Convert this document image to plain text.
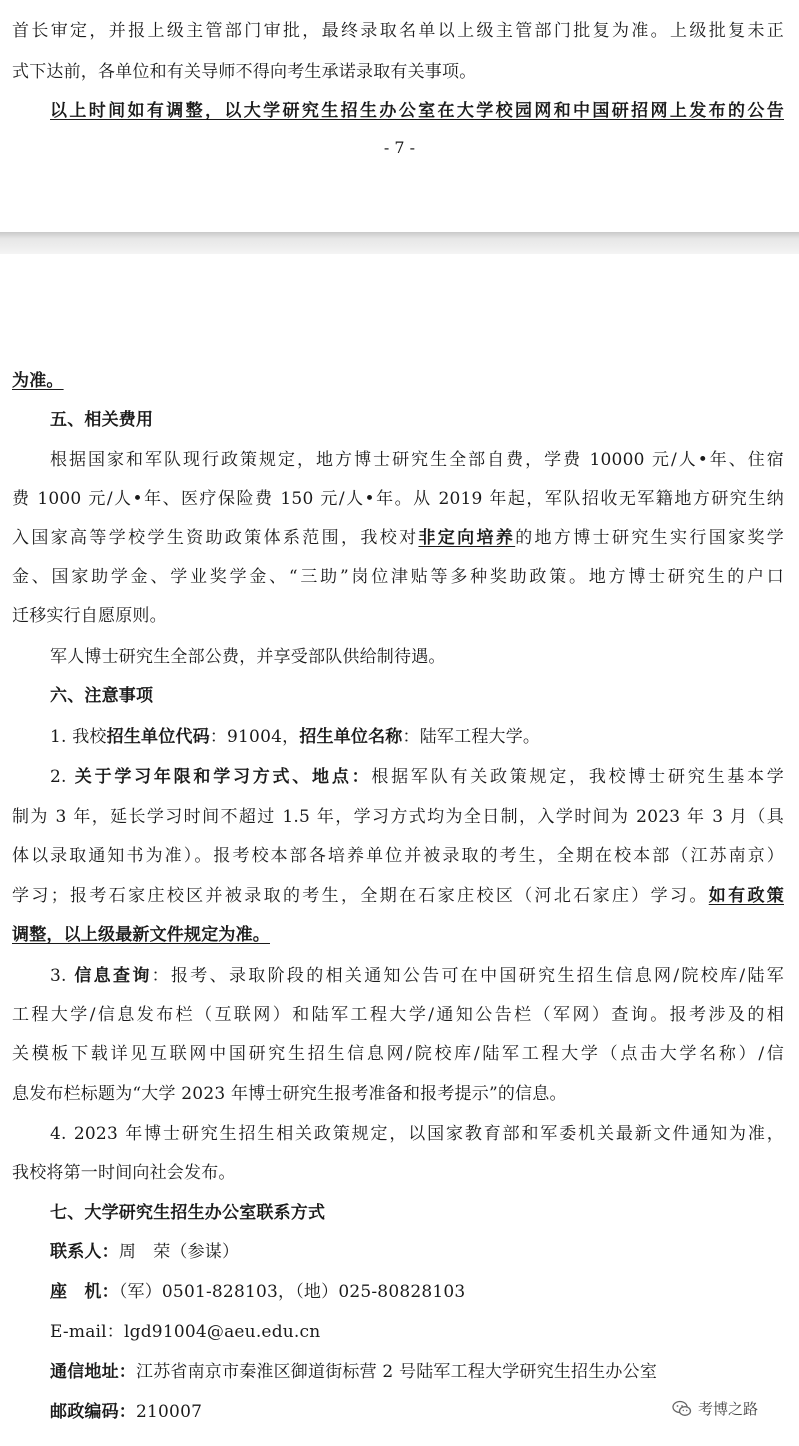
首长审定，并报上级主管部门审批，最终录取名单以上级主管部门批复为准。上级批复未正
式下达前，各单位和有关导师不得向考生承诺录取有关事项。
以上时间如有调整，以大学研究生招生办公室在大学校园网和中国研招网上发布的公告
- 7 -
为准。
五、相关费用
根据国家和军队现行政策规定，地方博士研究生全部自费，学费 10000 元/人•年、住宿
费 1000 元/人•年、医疗保险费 150 元/人•年。从 2019 年起，军队招收无军籍地方研究生纳
入国家高等学校学生资助政策体系范围，我校对非定向培养的地方博士研究生实行国家奖学
金、国家助学金、学业奖学金、“三助”岗位津贴等多种奖助政策。地方博士研究生的户口
迁移实行自愿原则。
军人博士研究生全部公费，并享受部队供给制待遇。
六、注意事项
1. 我校招生单位代码：91004，招生单位名称：陆军工程大学。
2. 关于学习年限和学习方式、地点：根据军队有关政策规定，我校博士研究生基本学
制为 3 年，延长学习时间不超过 1.5 年，学习方式均为全日制，入学时间为 2023 年 3 月（具
体以录取通知书为准）。报考校本部各培养单位并被录取的考生，全期在校本部（江苏南京）
学习；报考石家庄校区并被录取的考生，全期在石家庄校区（河北石家庄）学习。如有政策
调整，以上级最新文件规定为准。
3. 信息查询：报考、录取阶段的相关通知公告可在中国研究生招生信息网/院校库/陆军
工程大学/信息发布栏（互联网）和陆军工程大学/通知公告栏（军网）查询。报考涉及的相
关模板下载详见互联网中国研究生招生信息网/院校库/陆军工程大学（点击大学名称）/信
息发布栏标题为“大学 2023 年博士研究生报考准备和报考提示”的信息。
4. 2023 年博士研究生招生相关政策规定，以国家教育部和军委机关最新文件通知为准，
我校将第一时间向社会发布。
七、大学研究生招生办公室联系方式
联系人：周　荣（参谋）
座　机：（军）0501-828103，（地）025-80828103
E-mail：lgd91004@aeu.edu.cn
通信地址：江苏省南京市秦淮区御道街标营 2 号陆军工程大学研究生招生办公室
邮政编码：210007	考博之路
